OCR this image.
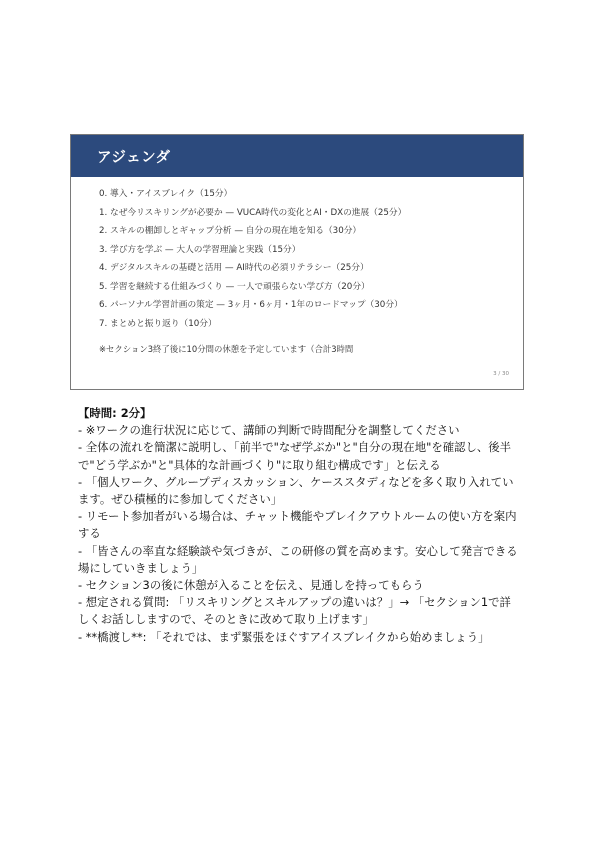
アジェンダ
0. 導入・アイスブレイク（15分）
1. なぜ今リスキリングが必要か — VUCA時代の変化とAI・DXの進展（25分）
2. スキルの棚卸しとギャップ分析 — 自分の現在地を知る（30分）
3. 学び方を学ぶ — 大人の学習理論と実践（15分）
4. デジタルスキルの基礎と活用 — AI時代の必須リテラシー（25分）
5. 学習を継続する仕組みづくり — 一人で頑張らない学び方（20分）
6. パーソナル学習計画の策定 — 3ヶ月・6ヶ月・1年のロードマップ（30分）
7. まとめと振り返り（10分）
※セクション3終了後に10分間の休憩を予定しています（合計3時間
3 / 30

【時間: 2分】

- ※ワークの進行状況に応じて、講師の判断で時間配分を調整してください

- 全体の流れを簡潔に説明し、「前半で"なぜ学ぶか"と"自分の現在地"を確認し、後半で"どう学ぶか"と"具体的な計画づくり"に取り組む構成です」と伝える

- 「個人ワーク、グループディスカッション、ケーススタディなどを多く取り入れています。ぜひ積極的に参加してください」

- リモート参加者がいる場合は、チャット機能やブレイクアウトルームの使い方を案内する

- 「皆さんの率直な経験談や気づきが、この研修の質を高めます。安心して発言できる場にしていきましょう」

- セクション3の後に休憩が入ることを伝え、見通しを持ってもらう

- 想定される質問: 「リスキリングとスキルアップの違いは？」→ 「セクション1で詳しくお話ししますので、そのときに改めて取り上げます」

- **橋渡し**: 「それでは、まず緊張をほぐすアイスブレイクから始めましょう」
